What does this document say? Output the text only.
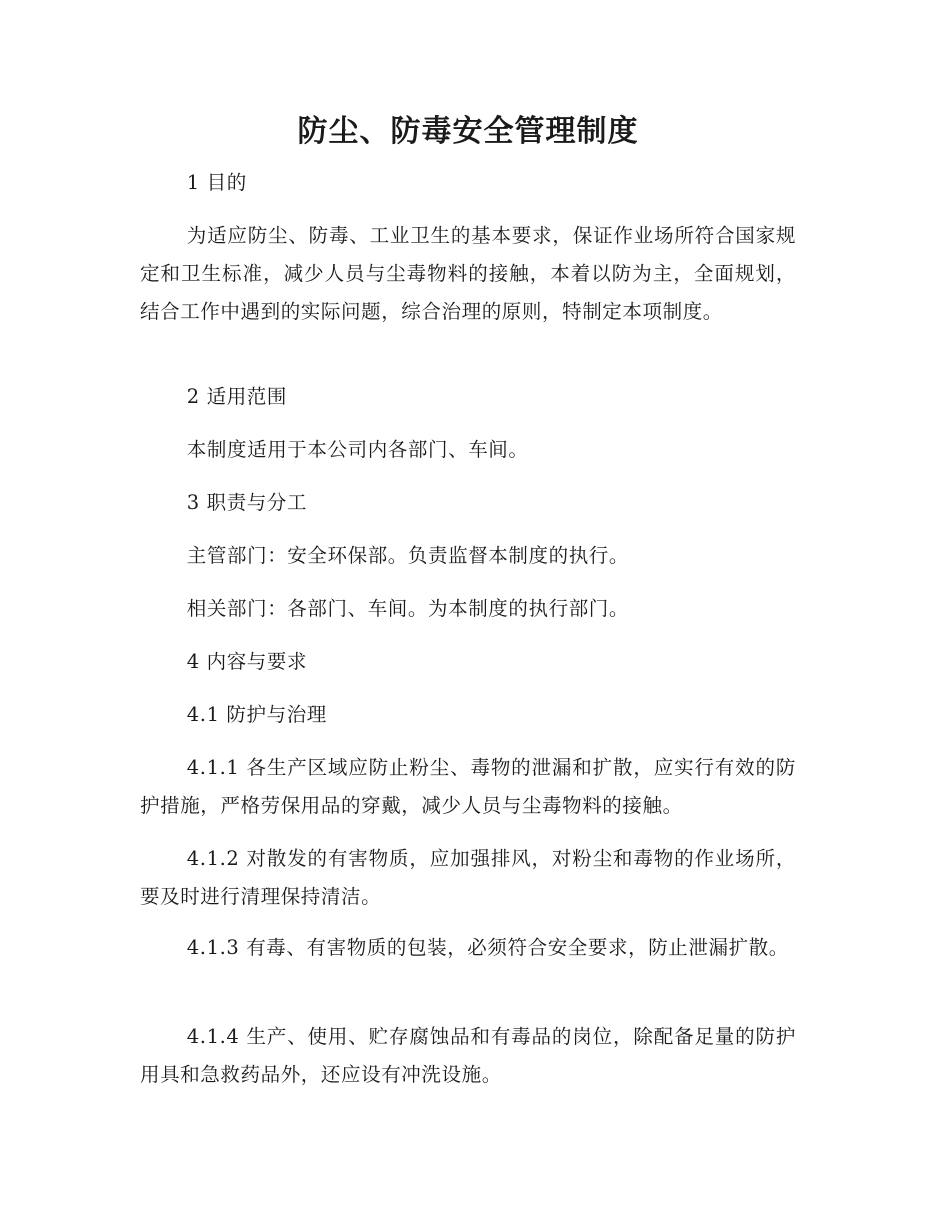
防尘、防毒安全管理制度

1 目的

为适应防尘、防毒、工业卫生的基本要求，保证作业场所符合国家规定和卫生标准，减少人员与尘毒物料的接触，本着以防为主，全面规划，结合工作中遇到的实际问题，综合治理的原则，特制定本项制度。

2 适用范围

本制度适用于本公司内各部门、车间。

3 职责与分工

主管部门：安全环保部。负责监督本制度的执行。

相关部门：各部门、车间。为本制度的执行部门。

4 内容与要求

4.1 防护与治理

4.1.1 各生产区域应防止粉尘、毒物的泄漏和扩散，应实行有效的防护措施，严格劳保用品的穿戴，减少人员与尘毒物料的接触。

4.1.2 对散发的有害物质，应加强排风，对粉尘和毒物的作业场所，要及时进行清理保持清洁。

4.1.3 有毒、有害物质的包装，必须符合安全要求，防止泄漏扩散。

4.1.4 生产、使用、贮存腐蚀品和有毒品的岗位，除配备足量的防护用具和急救药品外，还应设有冲洗设施。
